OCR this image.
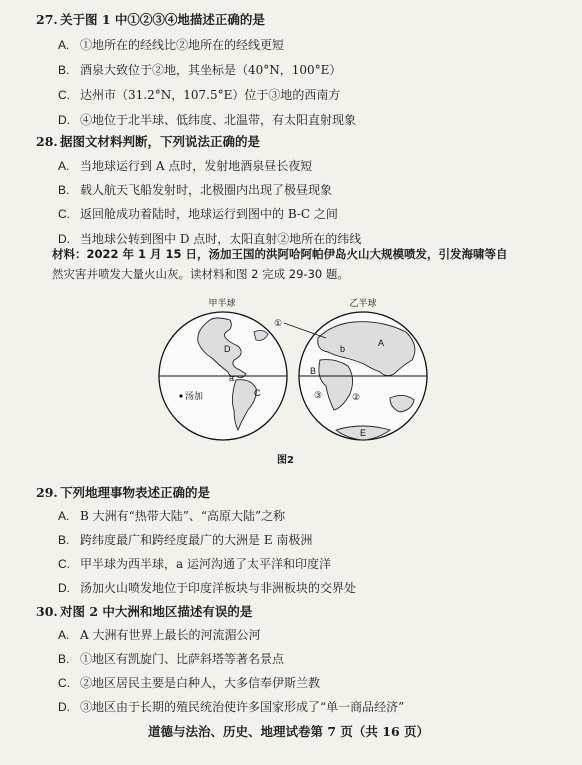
27. 关于图 1 中①②③④地描述正确的是
A. ①地所在的经线比②地所在的经线更短
B. 酒泉大致位于②地，其坐标是（40°N，100°E）
C. 达州市（31.2°N，107.5°E）位于③地的西南方
D. ④地位于北半球、低纬度、北温带，有太阳直射现象
28. 据图文材料判断，下列说法正确的是
A. 当地球运行到 A 点时，发射地酒泉昼长夜短
B. 载人航天飞船发射时，北极圈内出现了极昼现象
C. 返回舱成功着陆时，地球运行到图中的 B-C 之间
D. 当地球公转到图中 D 点时，太阳直射②地所在的纬线
材料：2022 年 1 月 15 日，汤加王国的洪阿哈阿帕伊岛火山大规模喷发，引发海啸等自
然灾害并喷发大量火山灰。读材料和图 2 完成 29-30 题。
甲半球	乙半球
D
C
a
汤加
A
B
b
E
③	②
①
图2
29. 下列地理事物表述正确的是
A. B 大洲有“热带大陆”、“高原大陆”之称
B. 跨纬度最广和跨经度最广的大洲是 E 南极洲
C. 甲半球为西半球，a 运河沟通了太平洋和印度洋
D. 汤加火山喷发地位于印度洋板块与非洲板块的交界处
30. 对图 2 中大洲和地区描述有误的是
A. A 大洲有世界上最长的河流湄公河
B. ①地区有凯旋门、比萨斜塔等著名景点
C. ②地区居民主要是白种人，大多信奉伊斯兰教
D. ③地区由于长期的殖民统治使许多国家形成了“单一商品经济”
道德与法治、历史、地理试卷第 7 页（共 16 页）
